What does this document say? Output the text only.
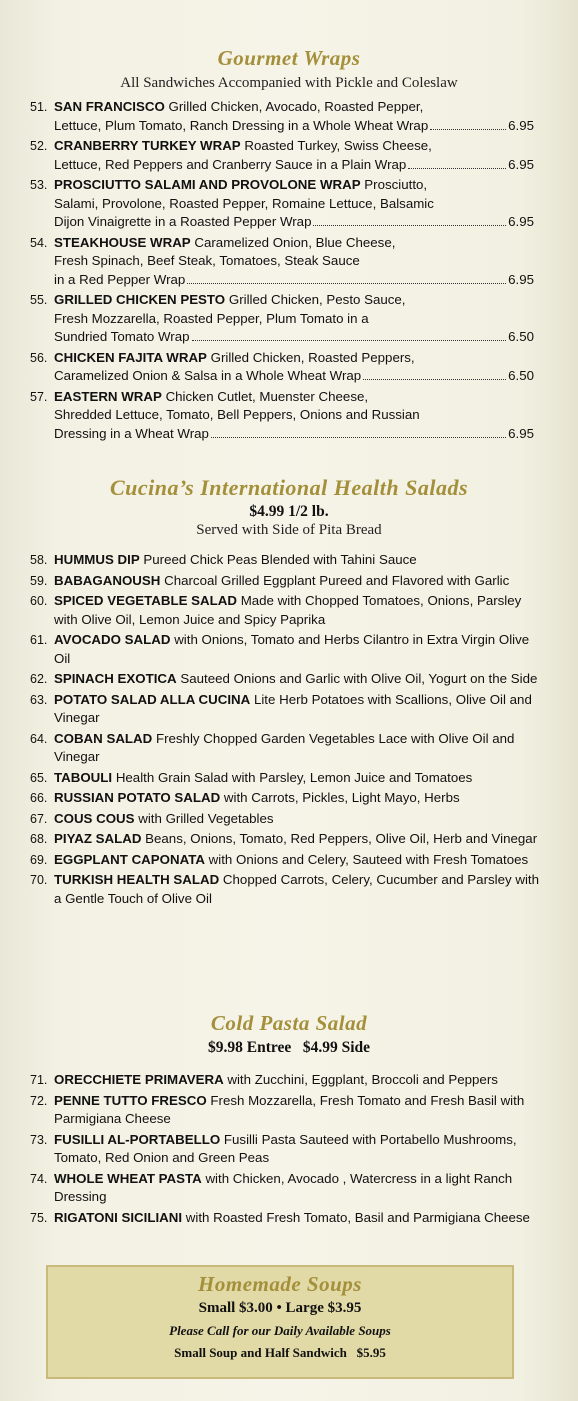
Gourmet Wraps
All Sandwiches Accompanied with Pickle and Coleslaw
51. SAN FRANCISCO Grilled Chicken, Avocado, Roasted Pepper,
Lettuce, Plum Tomato, Ranch Dressing in a Whole Wheat Wrap	6.95
52. CRANBERRY TURKEY WRAP Roasted Turkey, Swiss Cheese,
Lettuce, Red Peppers and Cranberry Sauce in a Plain Wrap	6.95
53. PROSCIUTTO SALAMI AND PROVOLONE WRAP Prosciutto,
Salami, Provolone, Roasted Pepper, Romaine Lettuce, Balsamic
Dijon Vinaigrette in a Roasted Pepper Wrap	6.95
54. STEAKHOUSE WRAP Caramelized Onion, Blue Cheese,
Fresh Spinach, Beef Steak, Tomatoes, Steak Sauce
in a Red Pepper Wrap	6.95
55. GRILLED CHICKEN PESTO Grilled Chicken, Pesto Sauce,
Fresh Mozzarella, Roasted Pepper, Plum Tomato in a
Sundried Tomato Wrap	6.50
56. CHICKEN FAJITA WRAP Grilled Chicken, Roasted Peppers,
Caramelized Onion & Salsa in a Whole Wheat Wrap	6.50
57. EASTERN WRAP Chicken Cutlet, Muenster Cheese,
Shredded Lettuce, Tomato, Bell Peppers, Onions and Russian
Dressing in a Wheat Wrap	6.95
Cucina’s International Health Salads
$4.99 1/2 lb.
Served with Side of Pita Bread
58. HUMMUS DIP Pureed Chick Peas Blended with Tahini Sauce
59. BABAGANOUSH Charcoal Grilled Eggplant Pureed and Flavored with Garlic
60. SPICED VEGETABLE SALAD Made with Chopped Tomatoes, Onions, Parsley with Olive Oil, Lemon Juice and Spicy Paprika
61. AVOCADO SALAD with Onions, Tomato and Herbs Cilantro in Extra Virgin Olive Oil
62. SPINACH EXOTICA Sauteed Onions and Garlic with Olive Oil, Yogurt on the Side
63. POTATO SALAD ALLA CUCINA Lite Herb Potatoes with Scallions, Olive Oil and Vinegar
64. COBAN SALAD Freshly Chopped Garden Vegetables Lace with Olive Oil and Vinegar
65. TABOULI Health Grain Salad with Parsley, Lemon Juice and Tomatoes
66. RUSSIAN POTATO SALAD with Carrots, Pickles, Light Mayo, Herbs
67. COUS COUS with Grilled Vegetables
68. PIYAZ SALAD Beans, Onions, Tomato, Red Peppers, Olive Oil, Herb and Vinegar
69. EGGPLANT CAPONATA with Onions and Celery, Sauteed with Fresh Tomatoes
70. TURKISH HEALTH SALAD Chopped Carrots, Celery, Cucumber and Parsley with a Gentle Touch of Olive Oil
Cold Pasta Salad
$9.98 Entree   $4.99 Side
71. ORECCHIETE PRIMAVERA with Zucchini, Eggplant, Broccoli and Peppers
72. PENNE TUTTO FRESCO Fresh Mozzarella, Fresh Tomato and Fresh Basil with Parmigiana Cheese
73. FUSILLI AL-PORTABELLO Fusilli Pasta Sauteed with Portabello Mushrooms, Tomato, Red Onion and Green Peas
74. WHOLE WHEAT PASTA with Chicken, Avocado , Watercress in a light Ranch Dressing
75. RIGATONI SICILIANI with Roasted Fresh Tomato, Basil and Parmigiana Cheese
Homemade Soups
Small $3.00 • Large $3.95
Please Call for our Daily Available Soups
Small Soup and Half Sandwich   $5.95
